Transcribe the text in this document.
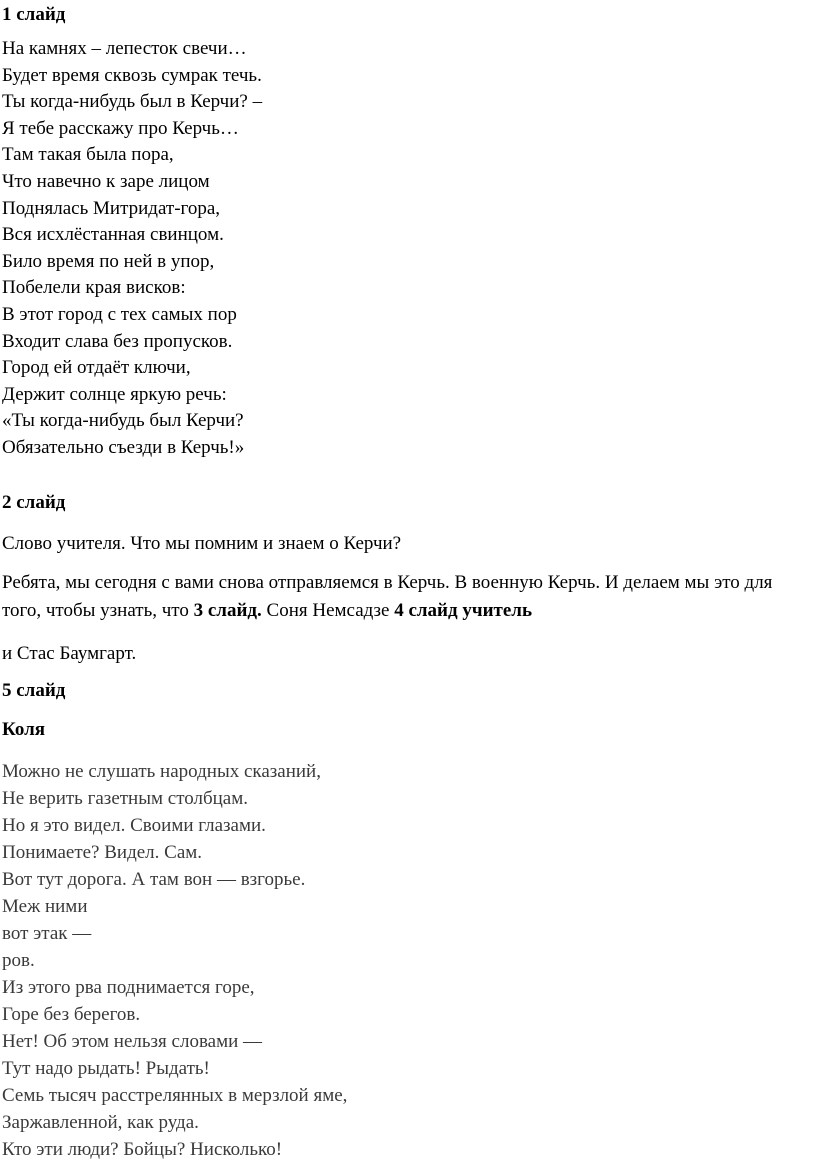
1 слайд

На камнях – лепесток свечи…
Будет время сквозь сумрак течь.
Ты когда-нибудь был в Керчи? –
Я тебе расскажу про Керчь…
Там такая была пора,
Что навечно к заре лицом
Поднялась Митридат-гора,
Вся исхлёстанная свинцом.
Било время по ней в упор,
Побелели края висков:
В этот город с тех самых пор
Входит слава без пропусков.
Город ей отдаёт ключи,
Держит солнце яркую речь:
«Ты когда-нибудь был Керчи?
Обязательно съезди в Керчь!»

2 слайд

Слово учителя. Что мы помним и знаем о Керчи?

Ребята, мы сегодня с вами снова отправляемся в Керчь. В военную Керчь. И делаем мы это для того, чтобы узнать, что 3 слайд. Соня Немсадзе 4 слайд учитель

и Стас Баумгарт.

5 слайд

Коля

Можно не слушать народных сказаний,
Не верить газетным столбцам.
Но я это видел. Своими глазами.
Понимаете? Видел. Сам.
Вот тут дорога. А там вон — взгорье.
Меж ними
вот этак —
ров.
Из этого рва поднимается горе,
Горе без берегов.
Нет! Об этом нельзя словами —
Тут надо рыдать! Рыдать!
Семь тысяч расстрелянных в мерзлой яме,
Заржавленной, как руда.
Кто эти люди? Бойцы? Нисколько!
